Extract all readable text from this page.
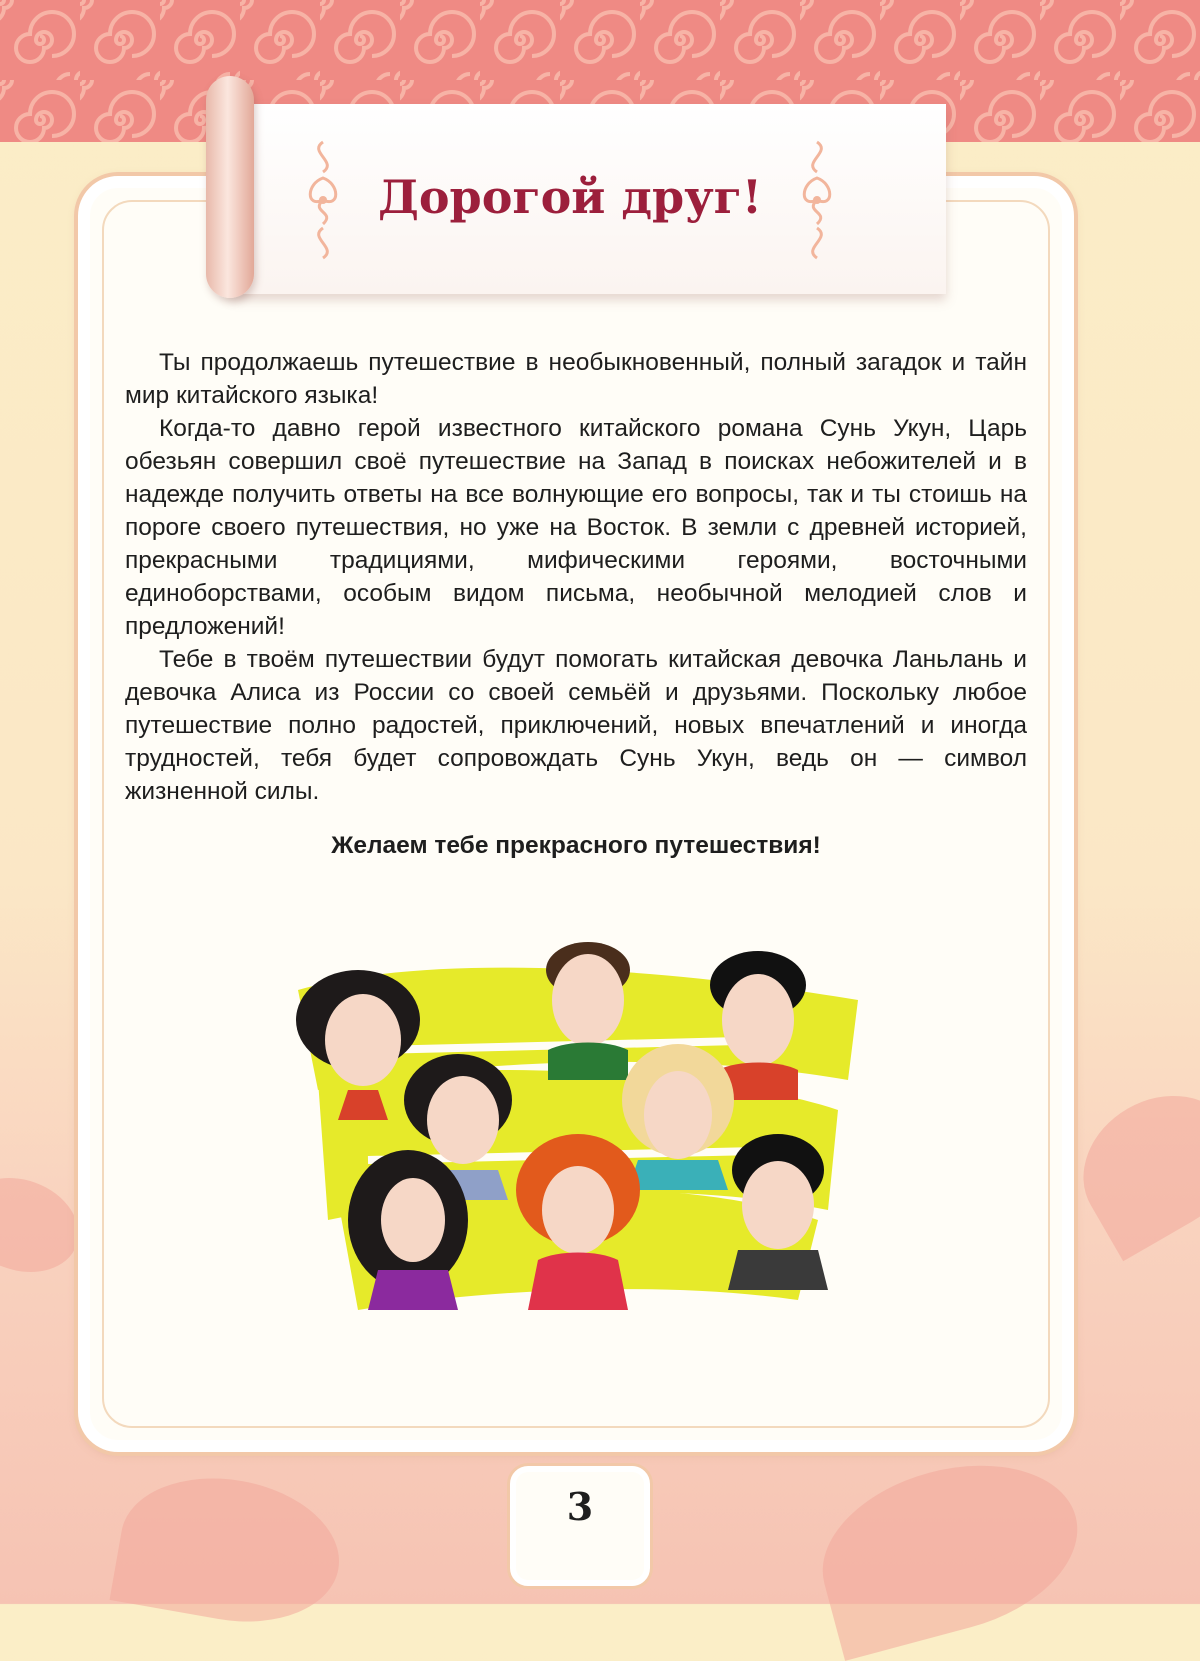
Дорогой друг!

Ты продолжаешь путешествие в необыкновенный, полный загадок и тайн мир китайского языка!

Когда-то давно герой известного китайского романа Сунь Укун, Царь обезьян совершил своё путешествие на Запад в поисках небожителей и в надежде получить ответы на все волнующие его вопросы, так и ты стоишь на пороге своего путешествия, но уже на Восток. В земли с древней историей, прекрасными традициями, мифическими героями, восточными единоборствами, особым видом письма, необычной мелодией слов и предложений!

Тебе в твоём путешествии будут помогать китайская девочка Ланьлань и девочка Алиса из России со своей семьёй и друзьями. Поскольку любое путешествие полно радостей, приключений, новых впечатлений и иногда трудностей, тебя будет сопровождать Сунь Укун, ведь он — символ жизненной силы.

Желаем тебе прекрасного путешествия!
3
